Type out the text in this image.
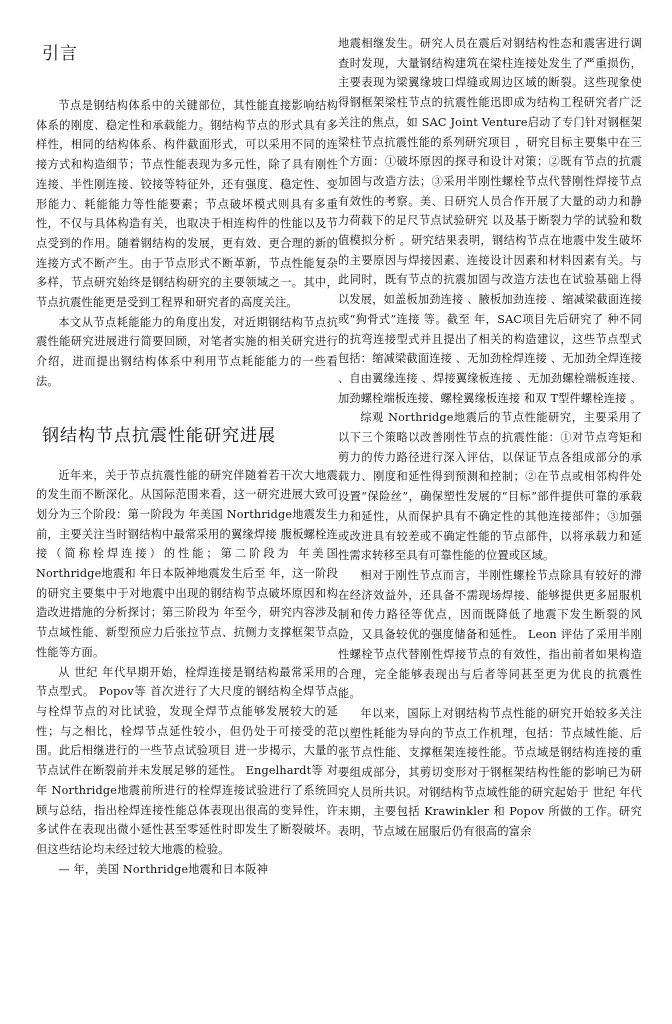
引言

节点是钢结构体系中的关键部位，其性能直接影响结构体系的刚度、稳定性和承载能力。钢结构节点的形式具有多样性，相同的结构体系、构件截面形式，可以采用不同的连接方式和构造细节；节点性能表现为多元性，除了具有刚性连接、半性刚连接、铰接等特征外，还有强度、稳定性、变形能力、耗能能力等性能要素；节点破坏模式则具有多重性，不仅与具体构造有关，也取决于相连构件的性能以及节点受到的作用。随着钢结构的发展，更有效、更合理的新的连接方式不断产生。由于节点形式不断革新，节点性能复杂多样，节点研究始终是钢结构研究的主要领域之一。其中，节点抗震性能更是受到工程界和研究者的高度关注。

本文从节点耗能能力的角度出发，对近期钢结构节点抗震性能研究进展进行简要回顾，对笔者实施的相关研究进行介绍，进而提出钢结构体系中利用节点耗能能力的一些看法。

钢结构节点抗震性能研究进展

近年来，关于节点抗震性能的研究伴随着若干次大地震的发生而不断深化。从国际范围来看，这一研究进展大致可划分为三个阶段：第一阶段为 年美国 Northridge地震发生前，主要关注当时钢结构中最常采用的翼缘焊接 腹板螺栓连接（简称栓焊连接）的性能；第二阶段为 年美国 Northridge地震和 年日本阪神地震发生后至 年，这一阶段的研究主要集中于对地震中出现的钢结构节点破坏原因和构造改进措施的分析探讨；第三阶段为 年至今，研究内容涉及节点域性能、新型预应力后张拉节点、抗侧力支撑框架节点性能等方面。

从 世纪 年代早期开始，栓焊连接是钢结构最常采用的节点型式。 Popov等 首次进行了大尺度的钢结构全焊节点与栓焊节点的对比试验，发现全焊节点能够发展较大的延性；与之相比，栓焊节点延性较小，但仍处于可接受的范围。此后相继进行的一些节点试验项目 进一步揭示，大量的节点试件在断裂前并未发展足够的延性。 Engelhardt等 对 年 Northridge地震前所进行的栓焊连接试验进行了系统回顾与总结，指出栓焊连接性能总体表现出很高的变异性，许多试件在表现出微小延性甚至零延性时即发生了断裂破坏。但这些结论均未经过较大地震的检验。

— 年，美国 Northridge地震和日本阪神

地震相继发生。研究人员在震后对钢结构性态和震害进行调查时发现，大量钢结构建筑在梁柱连接处发生了严重损伤，主要表现为梁翼缘坡口焊缝或周边区域的断裂。这些现象使得钢框架梁柱节点的抗震性能迅即成为结构工程研究者广泛关注的焦点，如 SAC Joint Venture启动了专门针对钢框架梁柱节点抗震性能的系列研究项目 ，研究目标主要集中在三个方面：①破坏原因的探寻和设计对策；②既有节点的抗震加固与改造方法；③采用半刚性螺栓节点代替刚性焊接节点有效性的考察。美、日研究人员合作开展了大量的动力和静力荷载下的足尺节点试验研究 以及基于断裂力学的试验和数值模拟分析 。研究结果表明，钢结构节点在地震中发生破坏的主要原因与焊接因素、连接设计因素和材料因素有关。与此同时，既有节点的抗震加固与改造方法也在试验基础上得以发展，如盖板加劲连接 、腋板加劲连接 、缩减梁截面连接或“狗骨式”连接 等。截至 年，SAC项目先后研究了 种不同的抗弯连接型式并且提出了相关的构造建议，这些节点型式包括：缩减梁截面连接 、无加劲栓焊连接 、无加劲全焊连接 、自由翼缘连接 、焊接翼缘板连接 、无加劲螺栓端板连接、加劲螺栓端板连接、螺栓翼缘板连接 和双 T型件螺栓连接 。

综观 Northridge地震后的节点性能研究，主要采用了以下三个策略以改善刚性节点的抗震性能：①对节点弯矩和剪力的传力路径进行深入评估，以保证节点各组成部分的承载力、刚度和延性得到预测和控制；②在节点或相邻构件处设置“保险丝”，确保塑性发展的“目标”部件提供可靠的承载力和延性，从而保护具有不确定性的其他连接部件；③加强或改进具有较差或不确定性能的节点部件，以将承载力和延性需求转移至具有可靠性能的位置或区域。

相对于刚性节点而言，半刚性螺栓节点除具有较好的滞在经济效益外，还具备不需现场焊接、能够提供更多屈服机制和传力路径等优点，因而既降低了地震下发生断裂的风险，又具备较优的强度储备和延性。 Leon 评估了采用半刚性螺栓节点代替刚性焊接节点的有效性，指出前者如果构造合理，完全能够表现出与后者等同甚至更为优良的抗震性能。

年以来，国际上对钢结构节点性能的研究开始较多关注以塑性耗能为导向的节点工作机理，包括：节点域性能、后张节点性能、支撑框架连接性能。节点域是钢结构连接的重要组成部分，其剪切变形对于钢框架结构性能的影响已为研究人员所共识。对钢结构节点域性能的研究起始于 世纪 年代末期，主要包括 Krawinkler 和 Popov 所做的工作。研究表明，节点域在屈服后仍有很高的富余
